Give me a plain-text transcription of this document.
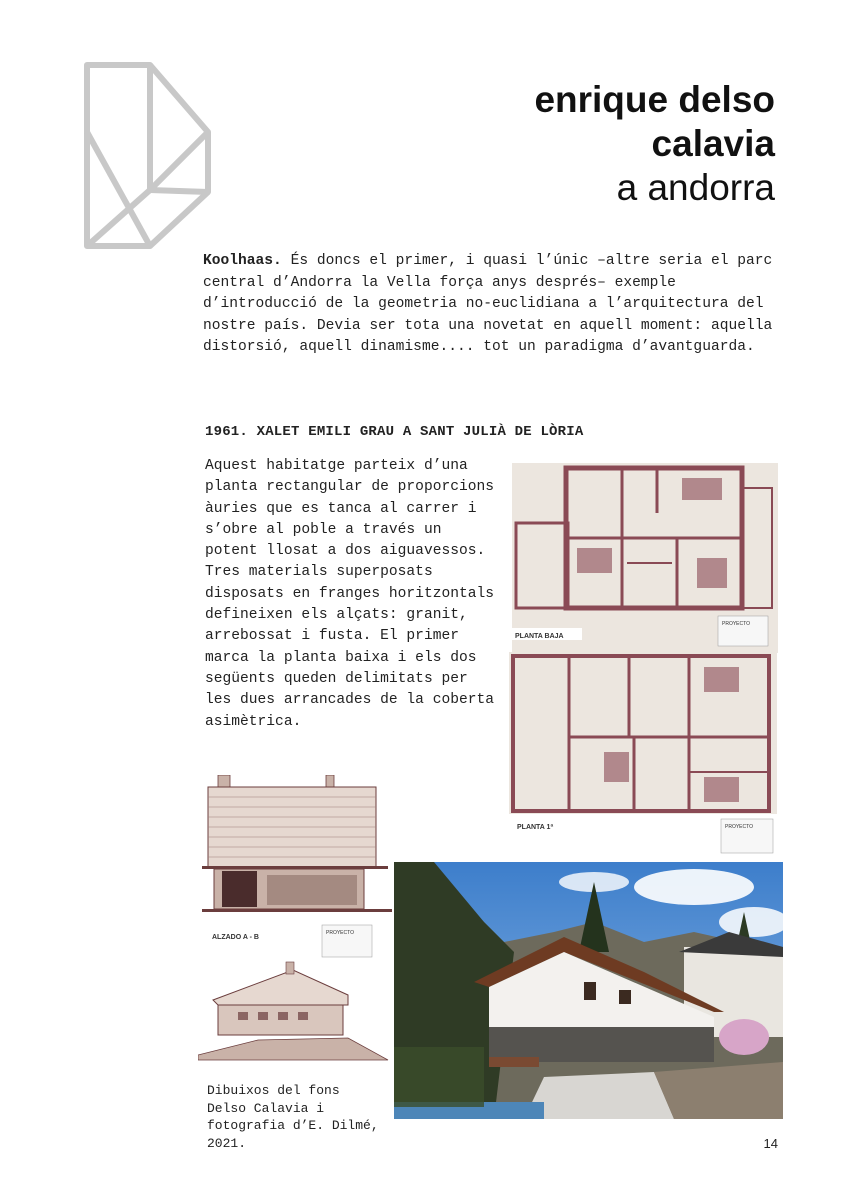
enrique delso
calavia
a andorra

Koolhaas. És doncs el primer, i quasi l’únic –altre seria el parc central d’Andorra la Vella força anys després– exemple d’introducció de la geometria no-euclidiana a l’arquitectura del nostre país. Devia ser tota una novetat en aquell moment: aquella distorsió, aquell dinamisme.... tot un paradigma d’avantguarda.

1961. XALET EMILI GRAU A SANT JULIÀ DE LÒRIA

Aquest habitatge parteix d’una planta rectangular de proporcions àuries que es tanca al carrer i s’obre al poble a través un potent llosat a dos aiguavessos. Tres materials superposats disposats en franges horitzontals defineixen els alçats: granit, arrebossat i fusta. El primer marca la planta baixa i els dos següents queden delimitats per les dues arrancades de la coberta asimètrica.

PLANTA BAJA
PROYECTO
PLANTA 1ª	PROYECTO
ALZADO A - B
PROYECTO

Dibuixos del fons
Delso Calavia i
fotografia d’E. Dilmé,
2021.	14
